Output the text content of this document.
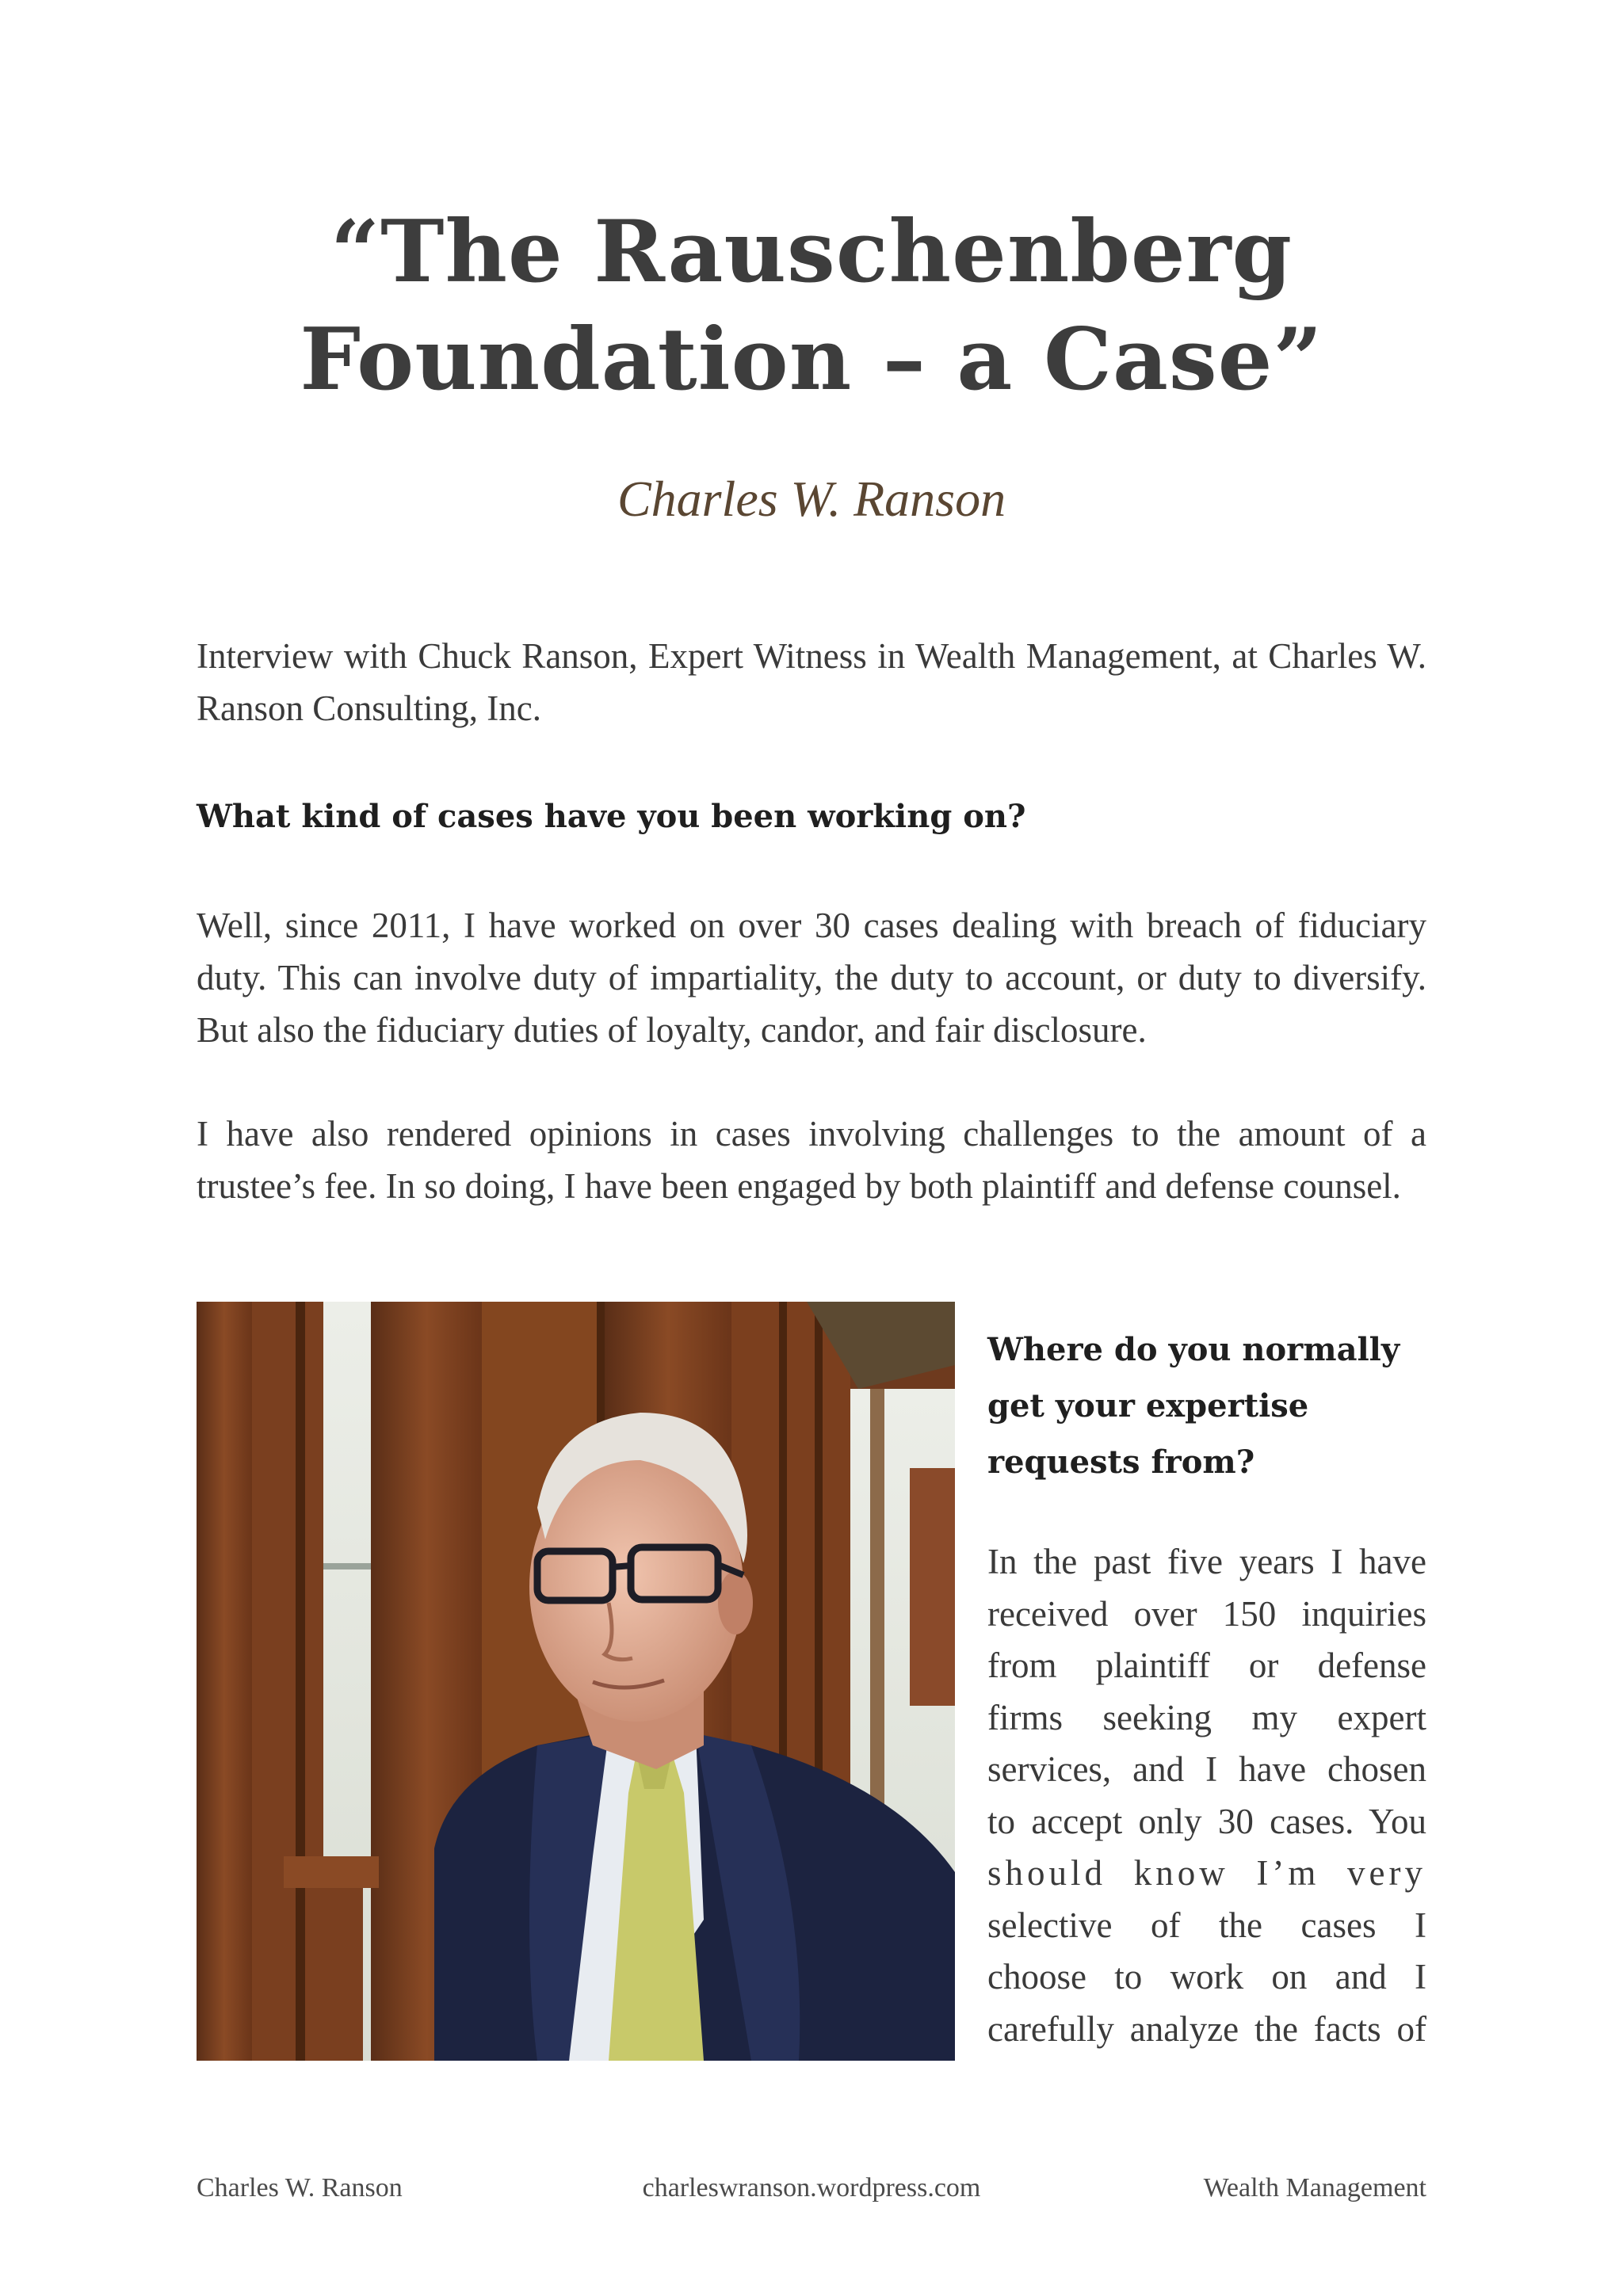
“The Rauschenberg
Foundation – a Case”
Charles W. Ranson

Interview with Chuck Ranson, Expert Witness in Wealth Management, at Charles W. Ranson Consulting, Inc.

What kind of cases have you been working on?

Well, since 2011, I have worked on over 30 cases dealing with breach of fiduciary duty. This can involve duty of impartiality, the duty to account, or duty to diversify. But also the fiduciary duties of loyalty, candor, and fair disclosure.

I have also rendered opinions in cases involving challenges to the amount of a trustee’s fee. In so doing, I have been engaged by both plaintiff and defense counsel.

Where do you normally
get your expertise
requests from?

In the past five years I have
received over 150 inquiries
from plaintiff or defense
firms seeking my expert
services, and I have chosen
to accept only 30 cases. You
should know I’m very
selective of the cases I
choose to work on and I
carefully analyze the facts of

Charles W. Ranson	charleswranson.wordpress.com	Wealth Management
